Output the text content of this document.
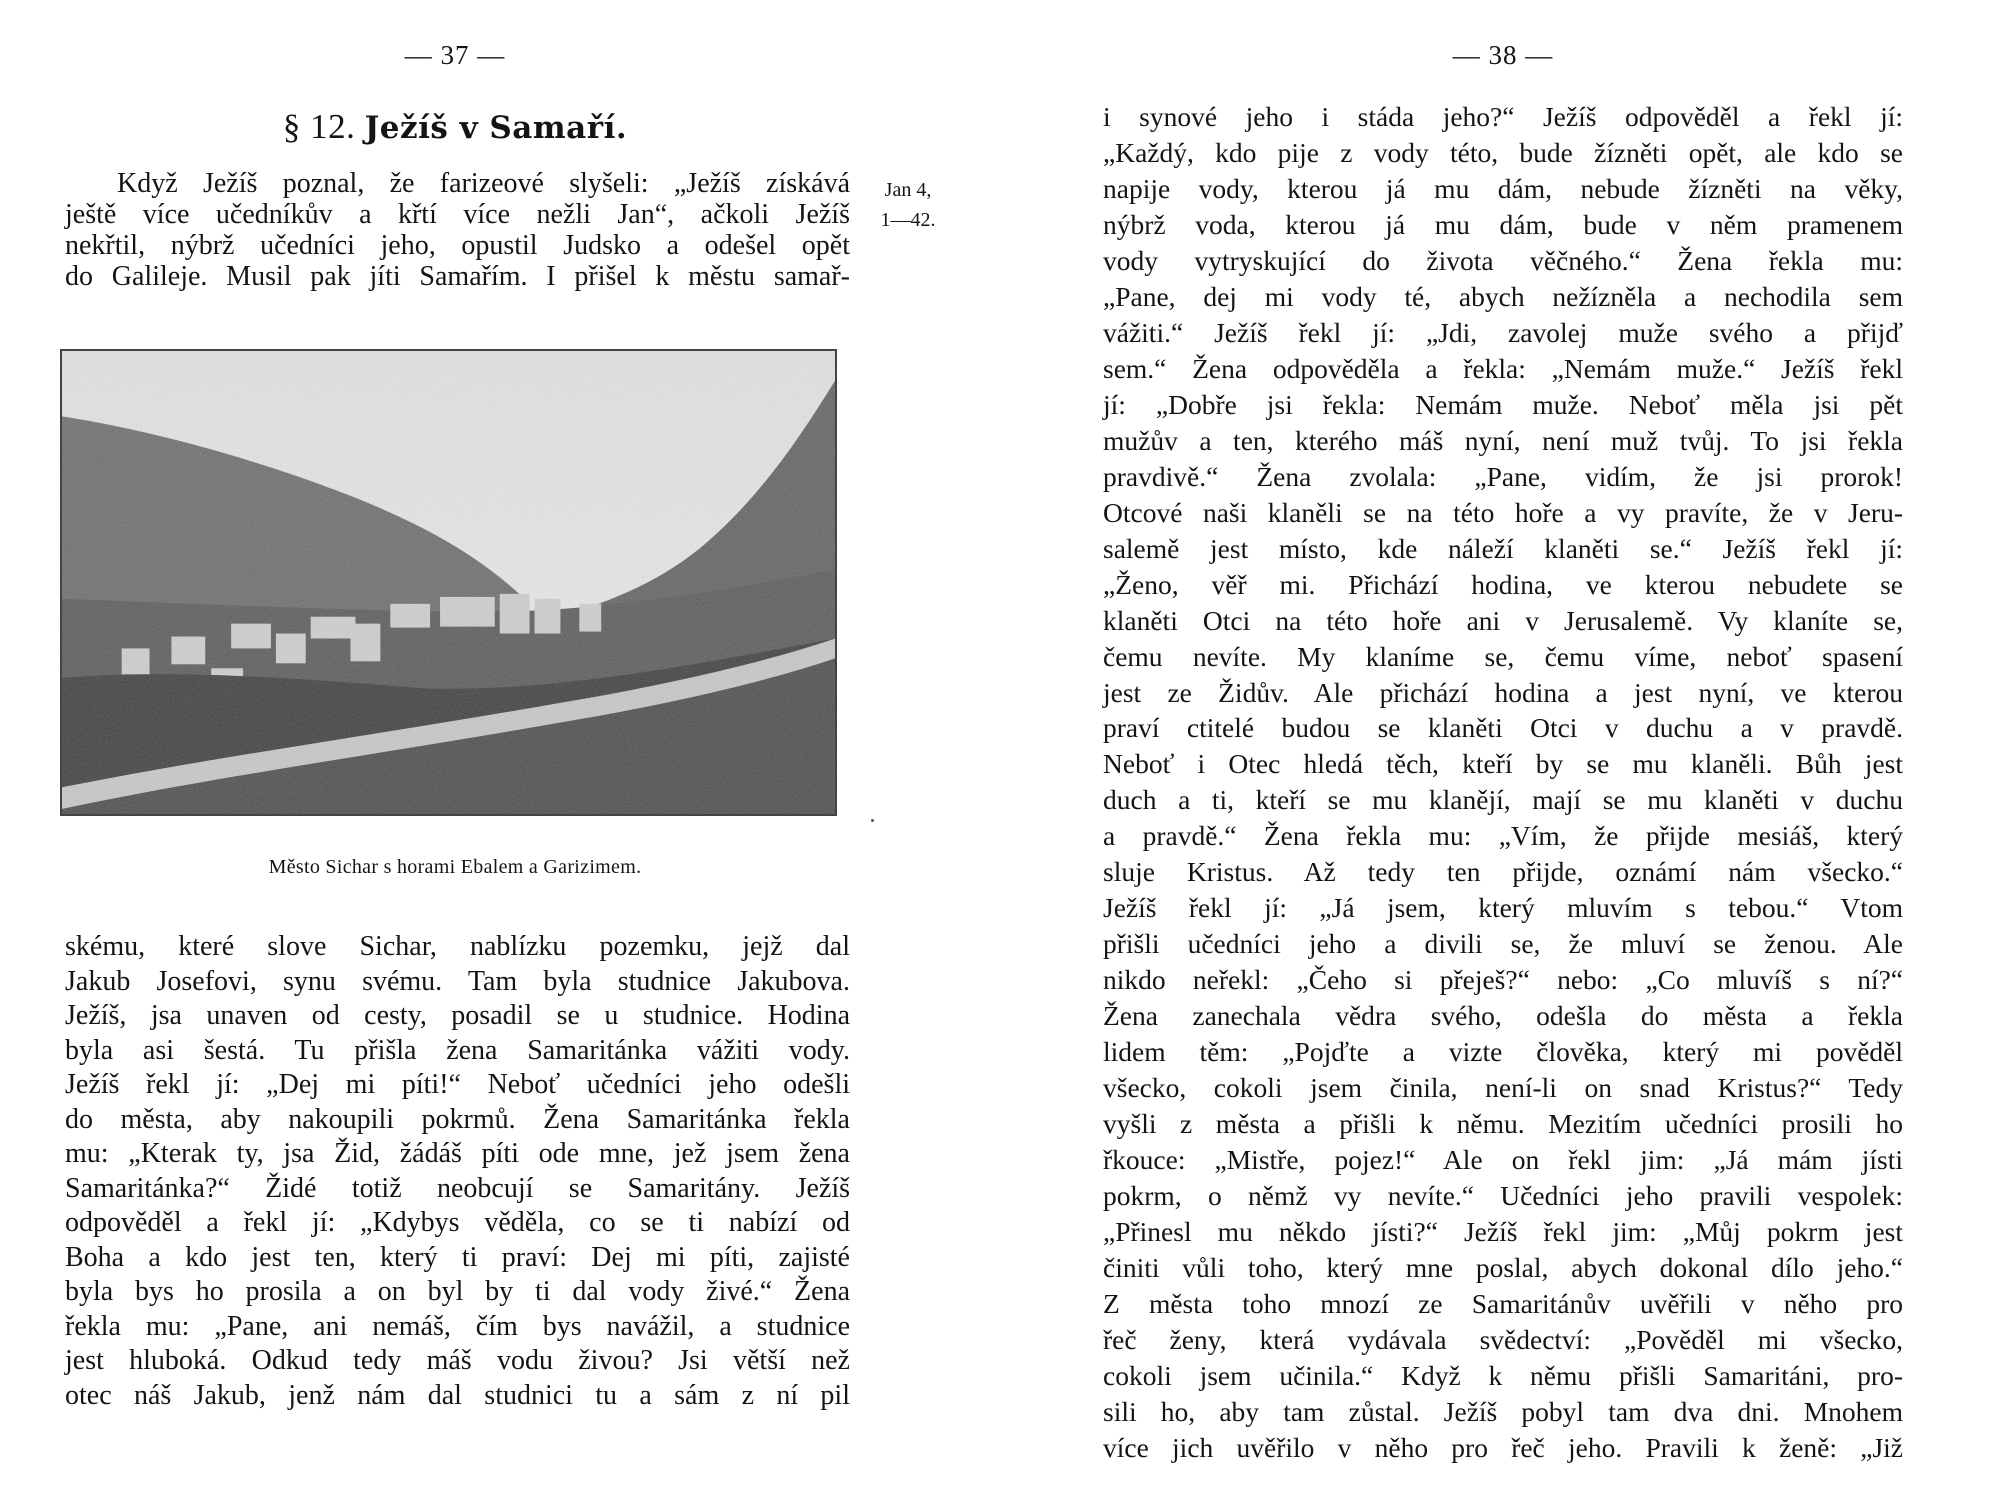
— 37 —
§ 12. Ježíš v Samaří.
Když Ježíš poznal, že farizeové slyšeli: „Ježíš získává
ještě více učedníkův a křtí více nežli Jan“, ačkoli Ježíš
nekřtil, nýbrž učedníci jeho, opustil Judsko a odešel opět
do Galileje. Musil pak jíti Samařím. I přišel k městu samař-
Jan 4,
1—42.
Město Sichar s horami Ebalem a Garizimem.
skému, které slove Sichar, nablízku pozemku, jejž dal
Jakub Josefovi, synu svému. Tam byla studnice Jakubova.
Ježíš, jsa unaven od cesty, posadil se u studnice. Hodina
byla asi šestá. Tu přišla žena Samaritánka vážiti vody.
Ježíš řekl jí: „Dej mi píti!“ Neboť učedníci jeho odešli
do města, aby nakoupili pokrmů. Žena Samaritánka řekla
mu: „Kterak ty, jsa Žid, žádáš píti ode mne, jež jsem žena
Samaritánka?“ Židé totiž neobcují se Samaritány. Ježíš
odpověděl a řekl jí: „Kdybys věděla, co se ti nabízí od
Boha a kdo jest ten, který ti praví: Dej mi píti, zajisté
byla bys ho prosila a on byl by ti dal vody živé.“ Žena
řekla mu: „Pane, ani nemáš, čím bys navážil, a studnice
jest hluboká. Odkud tedy máš vodu živou? Jsi větší než
otec náš Jakub, jenž nám dal studnici tu a sám z ní pil
— 38 —
i synové jeho i stáda jeho?“ Ježíš odpověděl a řekl jí:
„Každý, kdo pije z vody této, bude žízněti opět, ale kdo se
napije vody, kterou já mu dám, nebude žízněti na věky,
nýbrž voda, kterou já mu dám, bude v něm pramenem
vody vytryskující do života věčného.“ Žena řekla mu:
„Pane, dej mi vody té, abych nežízněla a nechodila sem
vážiti.“ Ježíš řekl jí: „Jdi, zavolej muže svého a přijď
sem.“ Žena odpověděla a řekla: „Nemám muže.“ Ježíš řekl
jí: „Dobře jsi řekla: Nemám muže. Neboť měla jsi pět
mužův a ten, kterého máš nyní, není muž tvůj. To jsi řekla
pravdivě.“ Žena zvolala: „Pane, vidím, že jsi prorok!
Otcové naši klaněli se na této hoře a vy pravíte, že v Jeru-
salemě jest místo, kde náleží klaněti se.“ Ježíš řekl jí:
„Ženo, věř mi. Přichází hodina, ve kterou nebudete se
klaněti Otci na této hoře ani v Jerusalemě. Vy klaníte se,
čemu nevíte. My klaníme se, čemu víme, neboť spasení
jest ze Židův. Ale přichází hodina a jest nyní, ve kterou
praví ctitelé budou se klaněti Otci v duchu a v pravdě.
Neboť i Otec hledá těch, kteří by se mu klaněli. Bůh jest
duch a ti, kteří se mu klanějí, mají se mu klaněti v duchu
a pravdě.“ Žena řekla mu: „Vím, že přijde mesiáš, který
sluje Kristus. Až tedy ten přijde, oznámí nám všecko.“
Ježíš řekl jí: „Já jsem, který mluvím s tebou.“ Vtom
přišli učedníci jeho a divili se, že mluví se ženou. Ale
nikdo neřekl: „Čeho si přeješ?“ nebo: „Co mluvíš s ní?“
Žena zanechala vědra svého, odešla do města a řekla
lidem těm: „Pojďte a vizte člověka, který mi pověděl
všecko, cokoli jsem činila, není-li on snad Kristus?“ Tedy
vyšli z města a přišli k němu. Mezitím učedníci prosili ho
řkouce: „Mistře, pojez!“ Ale on řekl jim: „Já mám jísti
pokrm, o němž vy nevíte.“ Učedníci jeho pravili vespolek:
„Přinesl mu někdo jísti?“ Ježíš řekl jim: „Můj pokrm jest
činiti vůli toho, který mne poslal, abych dokonal dílo jeho.“
Z města toho mnozí ze Samaritánův uvěřili v něho pro
řeč ženy, která vydávala svědectví: „Pověděl mi všecko,
cokoli jsem učinila.“ Když k němu přišli Samaritáni, pro-
sili ho, aby tam zůstal. Ježíš pobyl tam dva dni. Mnohem
více jich uvěřilo v něho pro řeč jeho. Pravili k ženě: „Již
